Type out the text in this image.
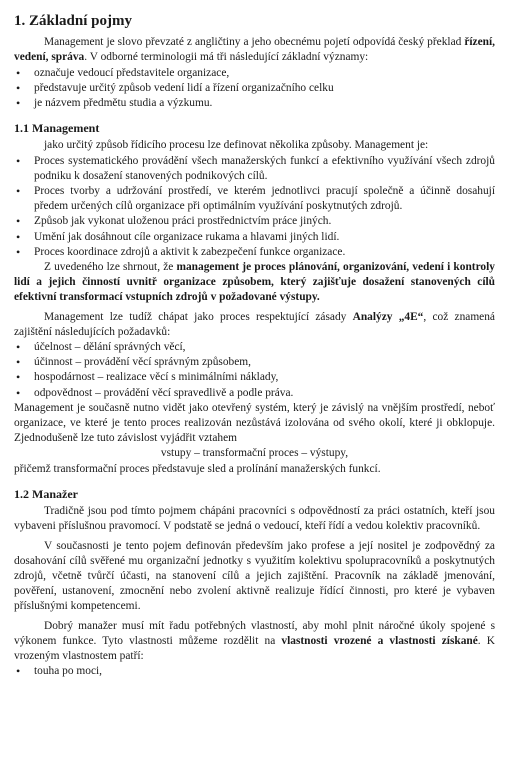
1. Základní pojmy

Management je slovo převzaté z angličtiny a jeho obecnému pojetí odpovídá český překlad řízení, vedení, správa. V odborné terminologii má tři následující základní významy:

• označuje vedoucí představitele organizace,
• představuje určitý způsob vedení lidí a řízení organizačního celku
• je názvem předmětu studia a výzkumu.
1.1 Management

jako určitý způsob řídicího procesu lze definovat několika způsoby. Management je:

• Proces systematického provádění všech manažerských funkcí a efektivního využívání všech zdrojů podniku k dosažení stanovených podnikových cílů.
• Proces tvorby a udržování prostředí, ve kterém jednotlivci pracují společně a účinně dosahují předem určených cílů organizace při optimálním využívání poskytnutých zdrojů.
• Způsob jak vykonat uloženou práci prostřednictvím práce jiných.
• Umění jak dosáhnout cíle organizace rukama a hlavami jiných lidí.
• Proces koordinace zdrojů a aktivit k zabezpečení funkce organizace.

Z uvedeného lze shrnout, že management je proces plánování, organizování, vedení i kontroly lidí a jejich činností uvnitř organizace způsobem, který zajišťuje dosažení stanovených cílů efektivní transformací vstupních zdrojů v požadované výstupy.

Management lze tudíž chápat jako proces respektující zásady Analýzy „4E“, což znamená zajištění následujících požadavků:

• účelnost – dělání správných věcí,
• účinnost – provádění věcí správným způsobem,
• hospodárnost – realizace věcí s minimálními náklady,
• odpovědnost – provádění věcí spravedlivě a podle práva.

Management je současně nutno vidět jako otevřený systém, který je závislý na vnějším prostředí, neboť organizace, ve které je tento proces realizován nezůstává izolována od svého okolí, které ji obklopuje. Zjednodušeně lze tuto závislost vyjádřit vztahem

vstupy – transformační proces – výstupy,

přičemž transformační proces představuje sled a prolínání manažerských funkcí.

1.2 Manažer

Tradičně jsou pod tímto pojmem chápáni pracovníci s odpovědností za práci ostatních, kteří jsou vybaveni příslušnou pravomocí. V podstatě se jedná o vedoucí, kteří řídí a vedou kolektiv pracovníků.

V současnosti je tento pojem definován především jako profese a její nositel je zodpovědný za dosahování cílů svěřené mu organizační jednotky s využitím kolektivu spolupracovníků a poskytnutých zdrojů, včetně tvůrčí účasti, na stanovení cílů a jejich zajištění. Pracovník na základě jmenování, pověření, ustanovení, zmocnění nebo zvolení aktivně realizuje řídící činnosti, pro které je vybaven příslušnými kompetencemi.

Dobrý manažer musí mít řadu potřebných vlastností, aby mohl plnit náročné úkoly spojené s výkonem funkce. Tyto vlastnosti můžeme rozdělit na vlastnosti vrozené a vlastnosti získané. K vrozeným vlastnostem patří:

• touha po moci,
